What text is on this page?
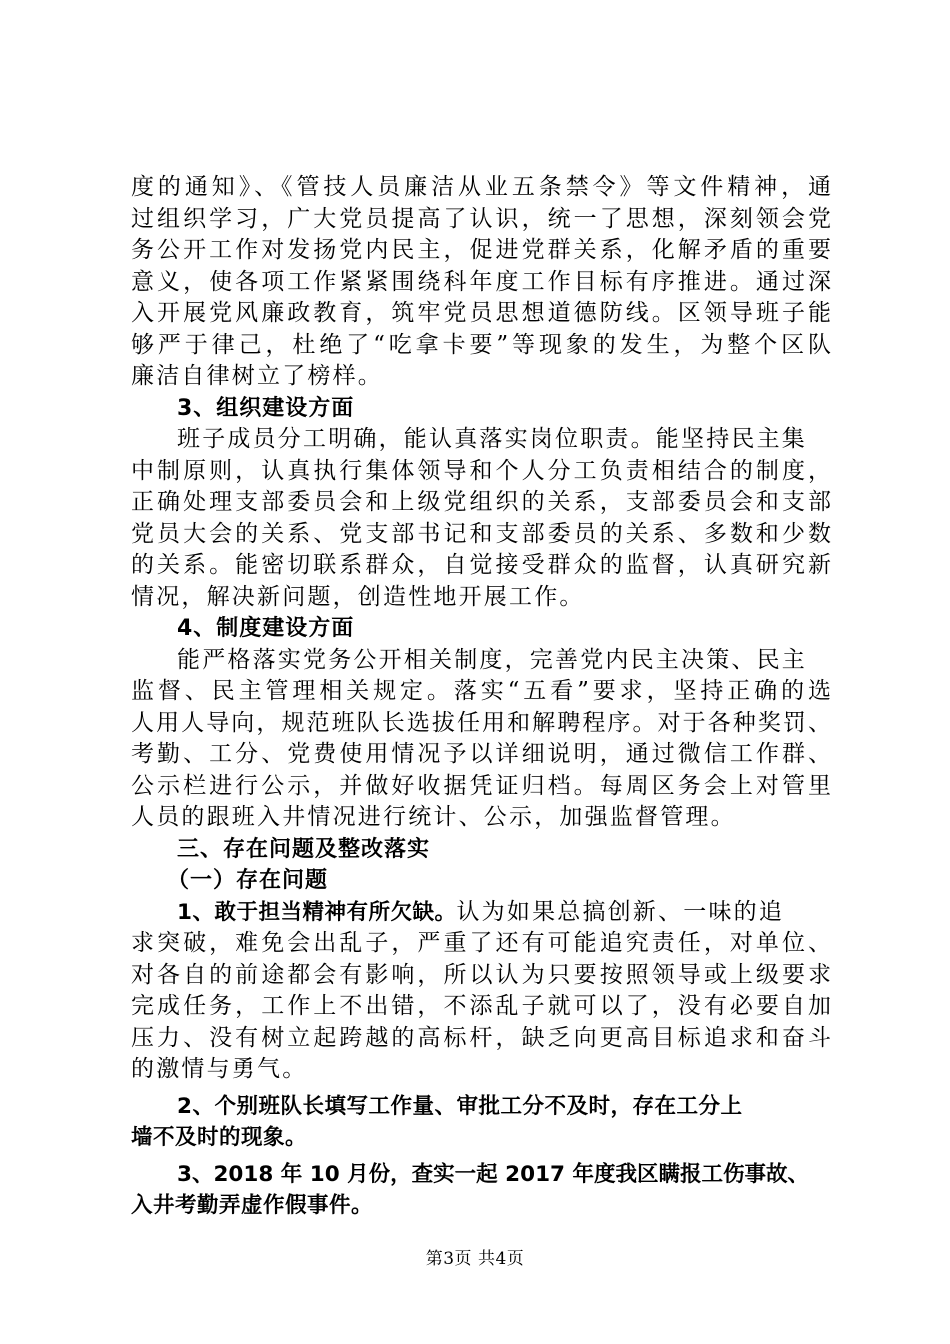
度的通知》、《管技人员廉洁从业五条禁令》等文件精神，通
过组织学习，广大党员提高了认识，统一了思想，深刻领会党
务公开工作对发扬党内民主，促进党群关系，化解矛盾的重要
意义，使各项工作紧紧围绕科年度工作目标有序推进。通过深
入开展党风廉政教育，筑牢党员思想道德防线。区领导班子能
够严于律己，杜绝了“吃拿卡要”等现象的发生，为整个区队
廉洁自律树立了榜样。
3、组织建设方面
班子成员分工明确，能认真落实岗位职责。能坚持民主集
中制原则，认真执行集体领导和个人分工负责相结合的制度，
正确处理支部委员会和上级党组织的关系，支部委员会和支部
党员大会的关系、党支部书记和支部委员的关系、多数和少数
的关系。能密切联系群众，自觉接受群众的监督，认真研究新
情况，解决新问题，创造性地开展工作。
4、制度建设方面
能严格落实党务公开相关制度，完善党内民主决策、民主
监督、民主管理相关规定。落实“五看”要求，坚持正确的选
人用人导向，规范班队长选拔任用和解聘程序。对于各种奖罚、
考勤、工分、党费使用情况予以详细说明，通过微信工作群、
公示栏进行公示，并做好收据凭证归档。每周区务会上对管里
人员的跟班入井情况进行统计、公示，加强监督管理。
三、存在问题及整改落实
（一）存在问题
1、敢于担当精神有所欠缺。认为如果总搞创新、一味的追
求突破，难免会出乱子，严重了还有可能追究责任，对单位、
对各自的前途都会有影响，所以认为只要按照领导或上级要求
完成任务，工作上不出错，不添乱子就可以了，没有必要自加
压力、没有树立起跨越的高标杆，缺乏向更高目标追求和奋斗
的激情与勇气。
2、个别班队长填写工作量、审批工分不及时，存在工分上
墙不及时的现象。
3、2018 年 10 月份，查实一起 2017 年度我区瞒报工伤事故、
入井考勤弄虚作假事件。
第3页 共4页
